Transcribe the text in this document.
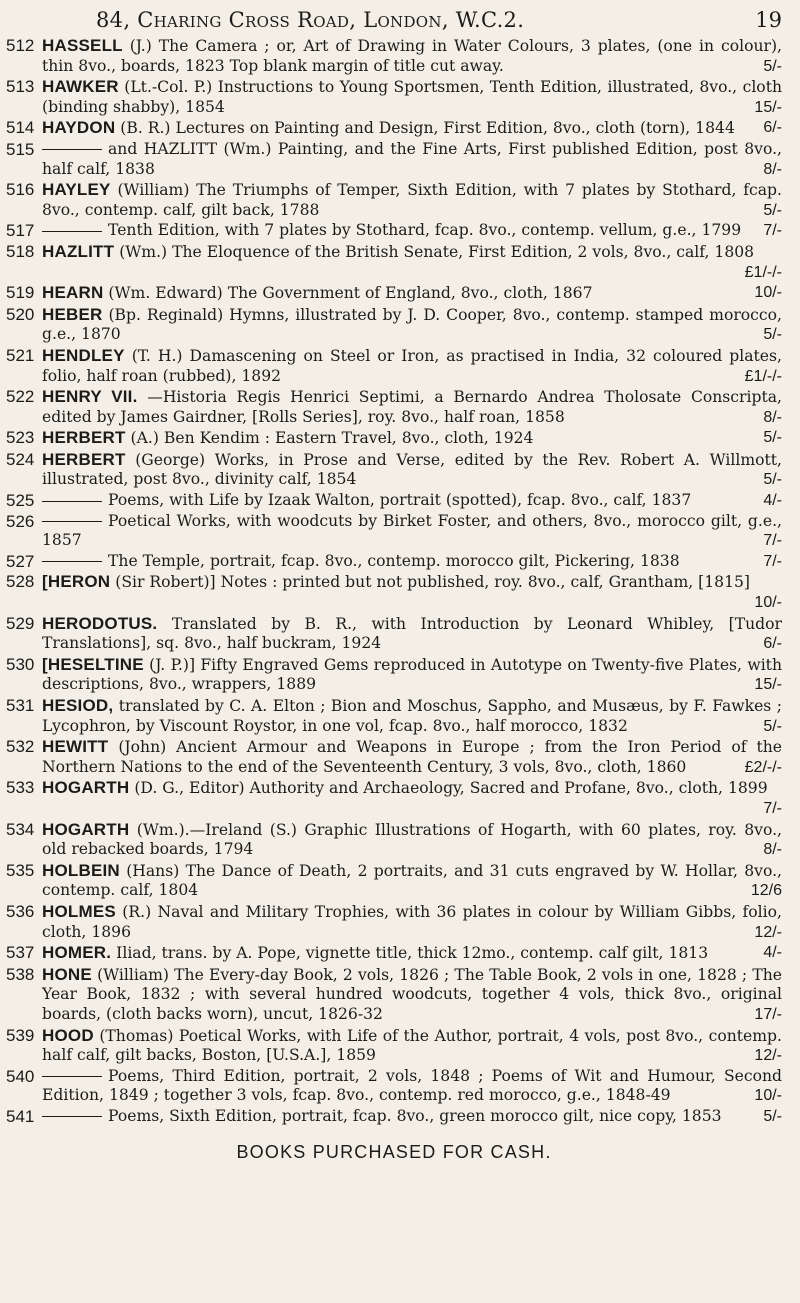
84, Charing Cross Road, London, W.C.2.	19
512 HASSELL (J.) The Camera ; or, Art of Drawing in Water Colours, 3 plates, (one in colour), thin 8vo., boards, 1823 Top blank margin of title cut away.	5/-
513 HAWKER (Lt.-Col. P.) Instructions to Young Sportsmen, Tenth Edition, illustrated, 8vo., cloth (binding shabby), 1854	15/-
514 HAYDON (B. R.) Lectures on Painting and Design, First Edition, 8vo., cloth (torn), 1844 6/-
515	and HAZLITT (Wm.) Painting, and the Fine Arts, First published Edition, post 8vo., half calf, 1838	8/-
516 HAYLEY (William) The Triumphs of Temper, Sixth Edition, with 7 plates by Stothard, fcap. 8vo., contemp. calf, gilt back, 1788	5/-
517	Tenth Edition, with 7 plates by Stothard, fcap. 8vo., contemp. vellum, g.e., 1799 7/-
518 HAZLITT (Wm.) The Eloquence of the British Senate, First Edition, 2 vols, 8vo., calf, 1808
£1/-/-
519 HEARN (Wm. Edward) The Government of England, 8vo., cloth, 1867	10/-
520 HEBER (Bp. Reginald) Hymns, illustrated by J. D. Cooper, 8vo., contemp. stamped morocco, g.e., 1870	5/-
521 HENDLEY (T. H.) Damascening on Steel or Iron, as practised in India, 32 coloured plates, folio, half roan (rubbed), 1892	£1/-/-
522 HENRY VII. —Historia Regis Henrici Septimi, a Bernardo Andrea Tholosate Conscripta, edited by James Gairdner, [Rolls Series], roy. 8vo., half roan, 1858	8/-
523 HERBERT (A.) Ben Kendim : Eastern Travel, 8vo., cloth, 1924	5/-
524 HERBERT (George) Works, in Prose and Verse, edited by the Rev. Robert A. Willmott, illustrated, post 8vo., divinity calf, 1854	5/-
525	Poems, with Life by Izaak Walton, portrait (spotted), fcap. 8vo., calf, 1837	4/-
526	Poetical Works, with woodcuts by Birket Foster, and others, 8vo., morocco gilt, g.e., 1857	7/-
527	The Temple, portrait, fcap. 8vo., contemp. morocco gilt, Pickering, 1838	7/-
528 [HERON (Sir Robert)] Notes : printed but not published, roy. 8vo., calf, Grantham, [1815]
10/-
529 HERODOTUS. Translated by B. R., with Introduction by Leonard Whibley, [Tudor Translations], sq. 8vo., half buckram, 1924	6/-
530 [HESELTINE (J. P.)] Fifty Engraved Gems reproduced in Autotype on Twenty-five Plates, with descriptions, 8vo., wrappers, 1889	15/-
531 HESIOD, translated by C. A. Elton ; Bion and Moschus, Sappho, and Musæus, by F. Fawkes ; Lycophron, by Viscount Roystor, in one vol, fcap. 8vo., half morocco, 1832	5/-
532 HEWITT (John) Ancient Armour and Weapons in Europe ; from the Iron Period of the Northern Nations to the end of the Seventeenth Century, 3 vols, 8vo., cloth, 1860	£2/-/-
533 HOGARTH (D. G., Editor) Authority and Archaeology, Sacred and Profane, 8vo., cloth, 1899
7/-
534 HOGARTH (Wm.).—Ireland (S.) Graphic Illustrations of Hogarth, with 60 plates, roy. 8vo., old rebacked boards, 1794	8/-
535 HOLBEIN (Hans) The Dance of Death, 2 portraits, and 31 cuts engraved by W. Hollar, 8vo., contemp. calf, 1804	12/6
536 HOLMES (R.) Naval and Military Trophies, with 36 plates in colour by William Gibbs, folio, cloth, 1896	12/-
537 HOMER. Iliad, trans. by A. Pope, vignette title, thick 12mo., contemp. calf gilt, 1813	4/-
538 HONE (William) The Every-day Book, 2 vols, 1826 ; The Table Book, 2 vols in one, 1828 ; The Year Book, 1832 ; with several hundred woodcuts, together 4 vols, thick 8vo., original boards, (cloth backs worn), uncut, 1826-32	17/-
539 HOOD (Thomas) Poetical Works, with Life of the Author, portrait, 4 vols, post 8vo., contemp. half calf, gilt backs, Boston, [U.S.A.], 1859	12/-
540	Poems, Third Edition, portrait, 2 vols, 1848 ; Poems of Wit and Humour, Second Edition, 1849 ; together 3 vols, fcap. 8vo., contemp. red morocco, g.e., 1848-49	10/-
541	Poems, Sixth Edition, portrait, fcap. 8vo., green morocco gilt, nice copy, 1853	5/-
BOOKS PURCHASED FOR CASH.
